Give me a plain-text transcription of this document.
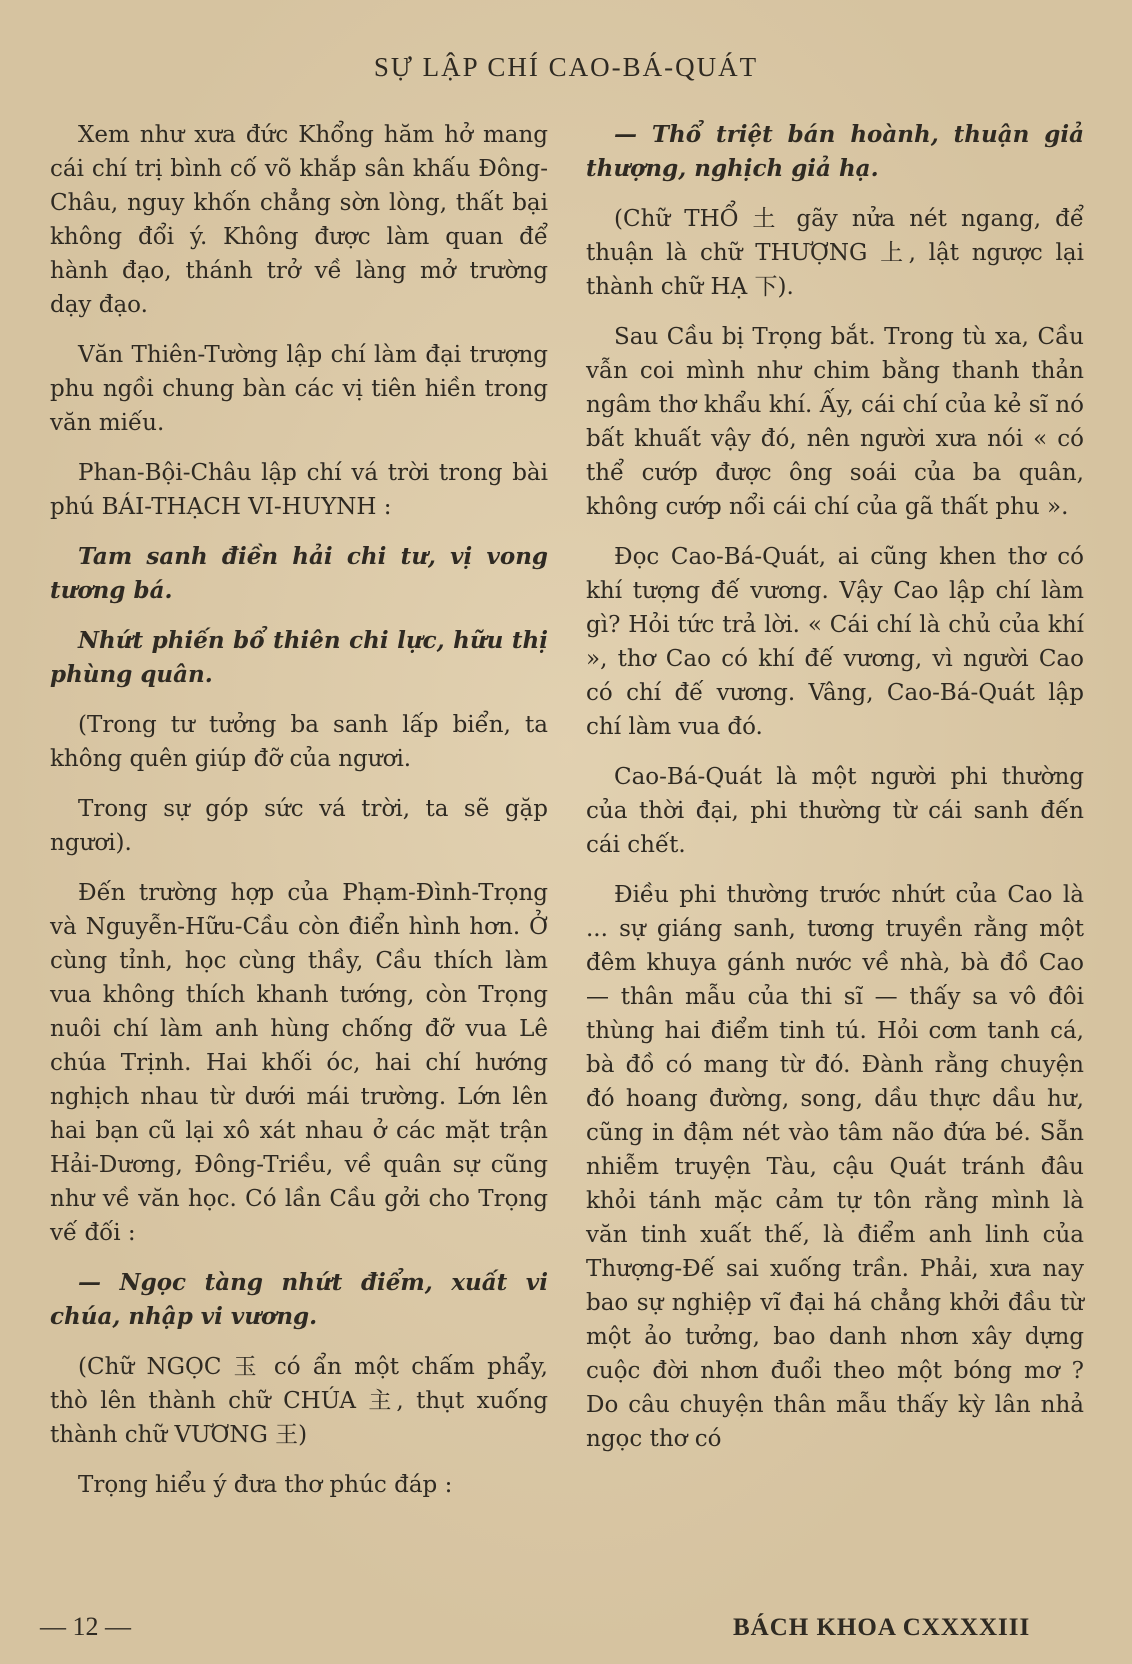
SỰ LẬP CHÍ CAO-BÁ-QUÁT

Xem như xưa đức Khổng hăm hở mang cái chí trị bình cố võ khắp sân khấu Đông-Châu, nguy khốn chẳng sờn lòng, thất bại không đổi ý. Không được làm quan để hành đạo, thánh trở về làng mở trường dạy đạo.

Văn Thiên-Tường lập chí làm đại trượng phu ngồi chung bàn các vị tiên hiền trong văn miếu.

Phan-Bội-Châu lập chí vá trời trong bài phú BÁI-THẠCH VI-HUYNH :

Tam sanh điền hải chi tư, vị vong tương bá.

Nhứt phiến bổ thiên chi lực, hữu thị phùng quân.

(Trong tư tưởng ba sanh lấp biển, ta không quên giúp đỡ của ngươi.

Trong sự góp sức vá trời, ta sẽ gặp ngươi).

Đến trường hợp của Phạm-Đình-Trọng và Nguyễn-Hữu-Cầu còn điển hình hơn. Ở cùng tỉnh, học cùng thầy, Cầu thích làm vua không thích khanh tướng, còn Trọng nuôi chí làm anh hùng chống đỡ vua Lê chúa Trịnh. Hai khối óc, hai chí hướng nghịch nhau từ dưới mái trường. Lớn lên hai bạn cũ lại xô xát nhau ở các mặt trận Hải-Dương, Đông-Triều, về quân sự cũng như về văn học. Có lần Cầu gởi cho Trọng vế đối :

— Ngọc tàng nhứt điểm, xuất vi chúa, nhập vi vương.

(Chữ NGỌC 玉 có ẩn một chấm phẩy, thò lên thành chữ CHÚA 主, thụt xuống thành chữ VƯƠNG 王)

Trọng hiểu ý đưa thơ phúc đáp :

— Thổ triệt bán hoành, thuận giả thượng, nghịch giả hạ.

(Chữ THỔ 土 gãy nửa nét ngang, để thuận là chữ THƯỢNG 上, lật ngược lại thành chữ HẠ 下).

Sau Cầu bị Trọng bắt. Trong tù xa, Cầu vẫn coi mình như chim bằng thanh thản ngâm thơ khẩu khí. Ấy, cái chí của kẻ sĩ nó bất khuất vậy đó, nên người xưa nói « có thể cướp được ông soái của ba quân, không cướp nổi cái chí của gã thất phu ».

Đọc Cao-Bá-Quát, ai cũng khen thơ có khí tượng đế vương. Vậy Cao lập chí làm gì? Hỏi tức trả lời. « Cái chí là chủ của khí », thơ Cao có khí đế vương, vì người Cao có chí đế vương. Vâng, Cao-Bá-Quát lập chí làm vua đó.

Cao-Bá-Quát là một người phi thường của thời đại, phi thường từ cái sanh đến cái chết.

Điều phi thường trước nhứt của Cao là ... sự giáng sanh, tương truyền rằng một đêm khuya gánh nước về nhà, bà đồ Cao — thân mẫu của thi sĩ — thấy sa vô đôi thùng hai điểm tinh tú. Hỏi cơm tanh cá, bà đồ có mang từ đó. Đành rằng chuyện đó hoang đường, song, dầu thực dầu hư, cũng in đậm nét vào tâm não đứa bé. Sẵn nhiễm truyện Tàu, cậu Quát tránh đâu khỏi tánh mặc cảm tự tôn rằng mình là văn tinh xuất thế, là điểm anh linh của Thượng-Đế sai xuống trần. Phải, xưa nay bao sự nghiệp vĩ đại há chẳng khởi đầu từ một ảo tưởng, bao danh nhơn xây dựng cuộc đời nhơn đuổi theo một bóng mơ ? Do câu chuyện thân mẫu thấy kỳ lân nhả ngọc thơ có

— 12 —	BÁCH KHOA CXXXXIII
